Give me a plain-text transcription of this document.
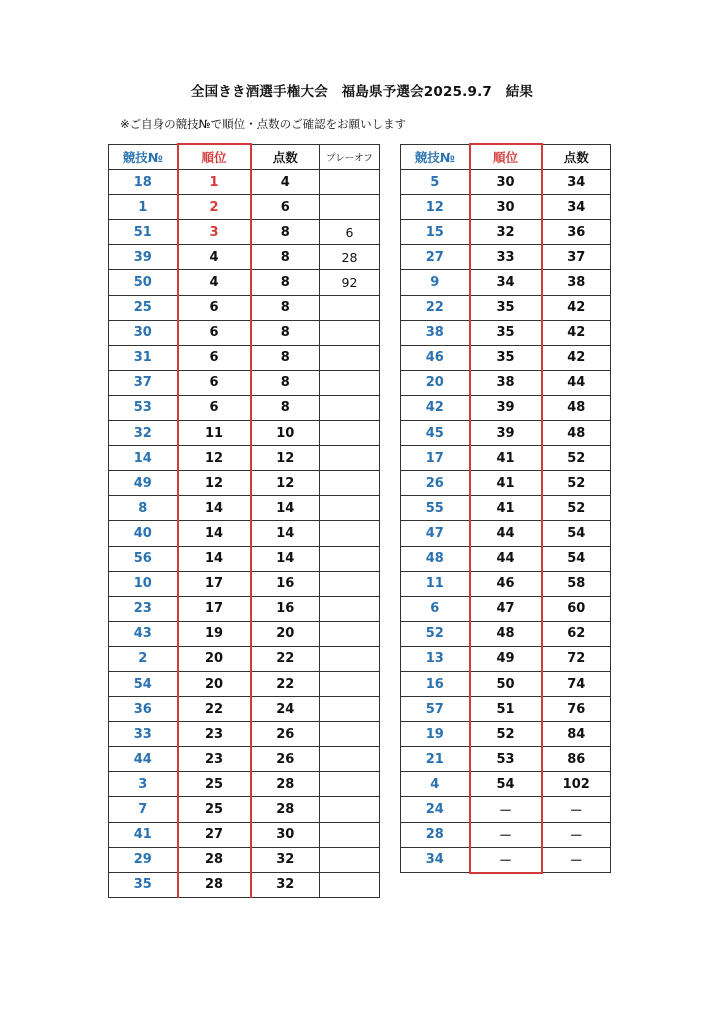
全国きき酒選手権大会　福島県予選会2025.9.7　結果
※ご自身の競技№で順位・点数のご確認をお願いします
競技№	順位	点数	プレーオフ
18	1	4	
1	2	6	
51	3	8	6
39	4	8	28
50	4	8	92
25	6	8	
30	6	8	
31	6	8	
37	6	8	
53	6	8	
32	11	10	
14	12	12	
49	12	12	
8	14	14	
40	14	14	
56	14	14	
10	17	16	
23	17	16	
43	19	20	
2	20	22	
54	20	22	
36	22	24	
33	23	26	
44	23	26	
3	25	28	
7	25	28	
41	27	30	
29	28	32	
35	28	32	
競技№	順位	点数
5	30	34
12	30	34
15	32	36
27	33	37
9	34	38
22	35	42
38	35	42
46	35	42
20	38	44
42	39	48
45	39	48
17	41	52
26	41	52
55	41	52
47	44	54
48	44	54
11	46	58
6	47	60
52	48	62
13	49	72
16	50	74
57	51	76
19	52	84
21	53	86
4	54	102
24	－	－
28	－	－
34	－	－
